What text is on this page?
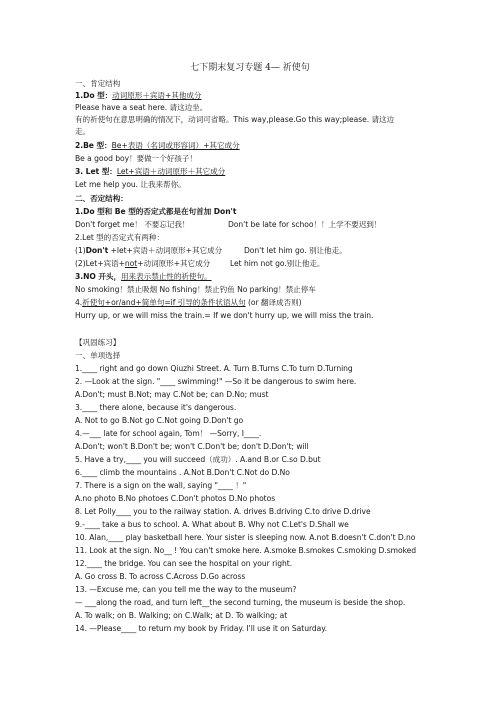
七下期末复习专题 4— 祈使句
一、肯定结构
1.Do 型：动词原形＋宾语+其他成分
Please have a seat here. 请这边坐。
有的祈使句在意思明确的情况下，动词可省略。This way,please.Go this way;please. 请这边
走。
2.Be 型：Be+表语（名词或形容词）+其它成分
Be a good boy！要做一个好孩子！
3. Let 型：Let+宾语＋动词原形＋其它成分
Let me help you. 让我来帮你。
二、否定结构：
1.Do 型和 Be 型的否定式都是在句首加 Don't
Don't forget me！ 不要忘记我！	Don't be late for schoo！！上学不要迟到！
2.Let 型的否定式有两种：
(1)Don't +let+宾语＋动词原形+其它成分	Don't let him go. 别让他走。
(2)Let+宾语+not+动词原形+其它成分	Let him not go.别让他走。
3.NO 开头，用来表示禁止性的祈使句。
No smoking！禁止吸烟 No fishing！禁止钓鱼 No parking！禁止停车
4.祈使句+or/and+简单句=if 引导的条件状语从句 (or 翻译成否则)
Hurry up, or we will miss the train.= If we don't hurry up, we will miss the train.
【巩固练习】
一、单项选择
1.____ right and go down Qiuzhi Street. A. Turn B.Turns C.To turn D.Turning
2. —Look at the sign. "____ swimming!" —So it be dangerous to swim here.
A.Don't; must B.Not; may C.Not be; can D.No; must
3.____ there alone, because it's dangerous.
A. Not to go B.Not go C.Not going D.Don't go
4.—___ late for school again, Tom！ —Sorry, I____.
A.Don't; won't B.Don't be; won't C.Don't be; don't D.Don't; will
5. Have a try,____ you will succeed（成功）. A.and B.or C.so D.but
6.____ climb the mountains . A.Not B.Don't C.Not do D.No
7. There is a sign on the wall, saying "____ ！"
A.no photo B.No photoes C.Don't photos D.No photos
8. Let Polly____ you to the railway station. A. drives B.driving C.to drive D.drive
9.-____ take a bus to school. A. What about B. Why not C.Let's D.Shall we
10. Alan,____ play basketball here. Your sister is sleeping now. A.not B.doesn't C.don't D.no
11. Look at the sign. No__ ! You can't smoke here. A.smoke B.smokes C.smoking D.smoked
12.____ the bridge. You can see the hospital on your right.
A. Go cross B. To across C.Across D.Go across
13. —Excuse me, can you tell me the way to the museum?
— ___along the road, and turn left__the second turning, the museum is beside the shop.
A. To walk; on B. Walking; on C.Walk; at D. To walking; at
14. —Please____ to return my book by Friday. I'll use it on Saturday.
